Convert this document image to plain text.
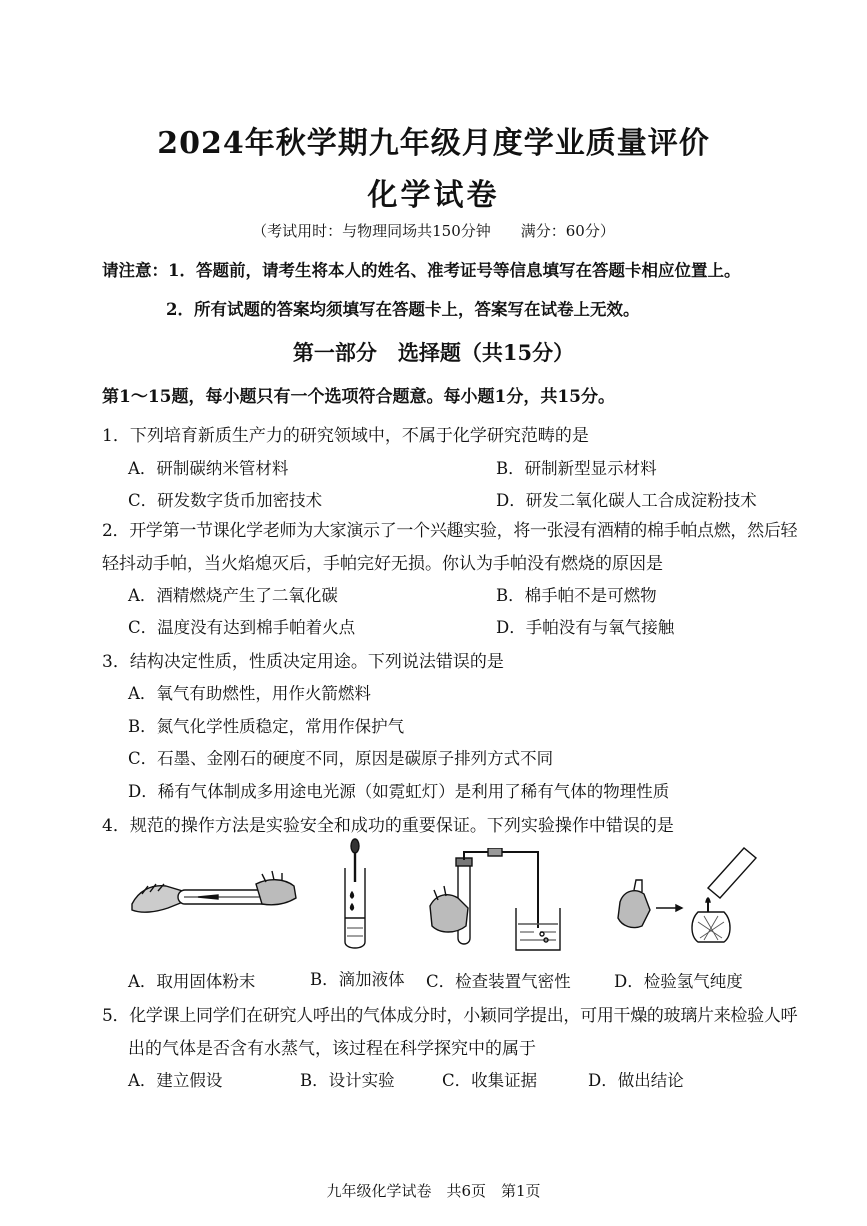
2024年秋学期九年级月度学业质量评价
化学试卷
（考试用时：与物理同场共150分钟　　满分：60分）
请注意：1．答题前，请考生将本人的姓名、准考证号等信息填写在答题卡相应位置上。
2．所有试题的答案均须填写在答题卡上，答案写在试卷上无效。
第一部分　选择题（共15分）
第1～15题，每小题只有一个选项符合题意。每小题1分，共15分。
1．下列培育新质生产力的研究领域中，不属于化学研究范畴的是
A．研制碳纳米管材料	B．研制新型显示材料
C．研发数字货币加密技术	D．研发二氧化碳人工合成淀粉技术
2．开学第一节课化学老师为大家演示了一个兴趣实验，将一张浸有酒精的棉手帕点燃，然后轻
轻抖动手帕，当火焰熄灭后，手帕完好无损。你认为手帕没有燃烧的原因是
A．酒精燃烧产生了二氧化碳	B．棉手帕不是可燃物
C．温度没有达到棉手帕着火点	D．手帕没有与氧气接触
3．结构决定性质，性质决定用途。下列说法错误的是
A．氧气有助燃性，用作火箭燃料
B．氮气化学性质稳定，常用作保护气
C．石墨、金刚石的硬度不同，原因是碳原子排列方式不同
D．稀有气体制成多用途电光源（如霓虹灯）是利用了稀有气体的物理性质
4．规范的操作方法是实验安全和成功的重要保证。下列实验操作中错误的是
A．取用固体粉末	B．滴加液体 C．检查装置气密性	D．检验氢气纯度
5．化学课上同学们在研究人呼出的气体成分时，小颖同学提出，可用干燥的玻璃片来检验人呼
出的气体是否含有水蒸气，该过程在科学探究中的属于
A．建立假设	B．设计实验	C．收集证据	D．做出结论
九年级化学试卷　共6页　第1页
